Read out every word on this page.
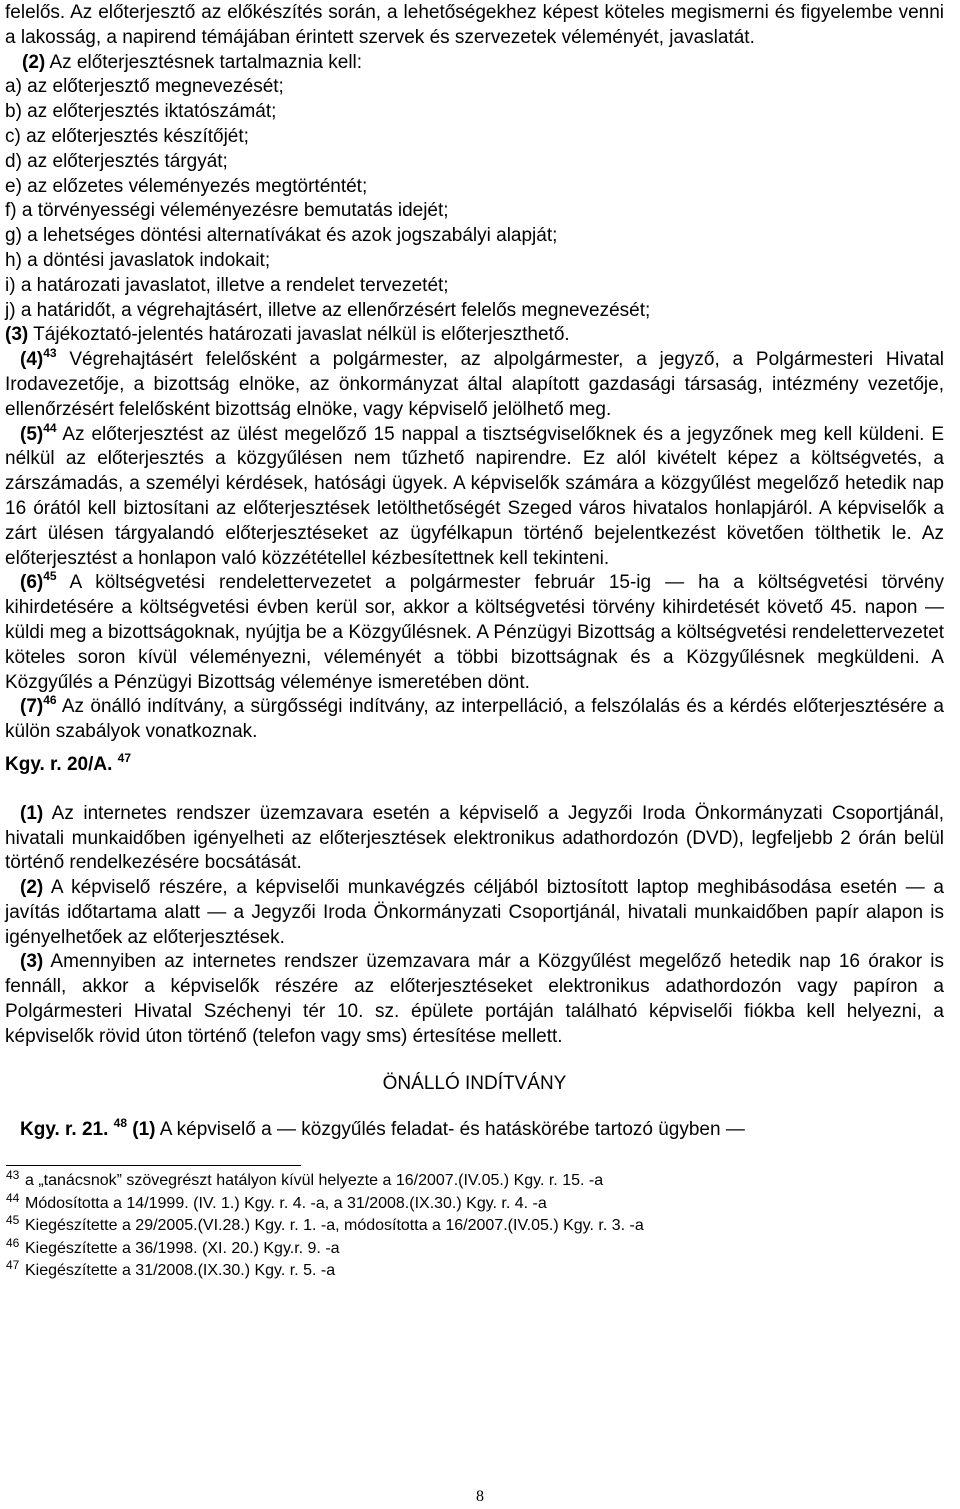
felelős. Az előterjesztő az előkészítés során, a lehetőségekhez képest köteles megismerni és figyelembe venni a lakosság, a napirend témájában érintett szervek és szervezetek véleményét, javaslatát.

(2) Az előterjesztésnek tartalmaznia kell:

a) az előterjesztő megnevezését;

b) az előterjesztés iktatószámát;

c) az előterjesztés készítőjét;

d) az előterjesztés tárgyát;

e) az előzetes véleményezés megtörténtét;

f) a törvényességi véleményezésre bemutatás idejét;

g) a lehetséges döntési alternatívákat és azok jogszabályi alapját;

h) a döntési javaslatok indokait;

i) a határozati javaslatot, illetve a rendelet tervezetét;

j) a határidőt, a végrehajtásért, illetve az ellenőrzésért felelős megnevezését;

(3) Tájékoztató-jelentés határozati javaslat nélkül is előterjeszthető.

$(4)^{43}$ Végrehajtásért felelősként a polgármester, az alpolgármester, a jegyző, a Polgármesteri Hivatal Irodavezetője, a bizottság elnöke, az önkormányzat által alapított gazdasági társaság, intézmény vezetője, ellenőrzésért felelősként bizottság elnöke, vagy képviselő jelölhető meg.

$(5)^{44}$ Az előterjesztést az ülést megelőző 15 nappal a tisztségviselőknek és a jegyzőnek meg kell küldeni. E nélkül az előterjesztés a közgyűlésen nem tűzhető napirendre. Ez alól kivételt képez a költségvetés, a zárszámadás, a személyi kérdések, hatósági ügyek. A képviselők számára a közgyűlést megelőző hetedik nap 16 órától kell biztosítani az előterjesztések letölthetőségét Szeged város hivatalos honlapjáról. A képviselők a zárt ülésen tárgyalandó előterjesztéseket az ügyfélkapun történő bejelentkezést követően tölthetik le. Az előterjesztést a honlapon való közzététellel kézbesítettnek kell tekinteni.

$(6)^{45}$ A költségvetési rendelettervezetet a polgármester február 15-ig — ha a költségvetési törvény kihirdetésére a költségvetési évben kerül sor, akkor a költségvetési törvény kihirdetését követő 45. napon — küldi meg a bizottságoknak, nyújtja be a Közgyűlésnek. A Pénzügyi Bizottság a költségvetési rendelettervezetet köteles soron kívül véleményezni, véleményét a többi bizottságnak és a Közgyűlésnek megküldeni. A Közgyűlés a Pénzügyi Bizottság véleménye ismeretében dönt.

$(7)^{46}$ Az önálló indítvány, a sürgősségi indítvány, az interpelláció, a felszólalás és a kérdés előterjesztésére a külön szabályok vonatkoznak.

Kgy. r. 20/A. $^{47}$

(1) Az internetes rendszer üzemzavara esetén a képviselő a Jegyzői Iroda Önkormányzati Csoportjánál, hivatali munkaidőben igényelheti az előterjesztések elektronikus adathordozón (DVD), legfeljebb 2 órán belül történő rendelkezésére bocsátását.

(2) A képviselő részére, a képviselői munkavégzés céljából biztosított laptop meghibásodása esetén — a javítás időtartama alatt — a Jegyzői Iroda Önkormányzati Csoportjánál, hivatali munkaidőben papír alapon is igényelhetőek az előterjesztések.

(3) Amennyiben az internetes rendszer üzemzavara már a Közgyűlést megelőző hetedik nap 16 órakor is fennáll, akkor a képviselők részére az előterjesztéseket elektronikus adathordozón vagy papíron a Polgármesteri Hivatal Széchenyi tér 10. sz. épülete portáján található képviselői fiókba kell helyezni, a képviselők rövid úton történő (telefon vagy sms) értesítése mellett.

ÖNÁLLÓ INDÍTVÁNY

Kgy. r. 21. $^{48}$ (1) A képviselő a — közgyűlés feladat- és hatáskörébe tartozó ügyben —

43 a „tanácsnok” szövegrészt hatályon kívül helyezte a 16/2007.(IV.05.) Kgy. r. 15. -a

44 Módosította a 14/1999. (IV. 1.) Kgy. r. 4. -a, a 31/2008.(IX.30.) Kgy. r. 4. -a

45 Kiegészítette a 29/2005.(VI.28.) Kgy. r. 1. -a, módosította a 16/2007.(IV.05.) Kgy. r. 3. -a

46 Kiegészítette a 36/1998. (XI. 20.) Kgy.r. 9. -a

47 Kiegészítette a 31/2008.(IX.30.) Kgy. r. 5. -a

8
